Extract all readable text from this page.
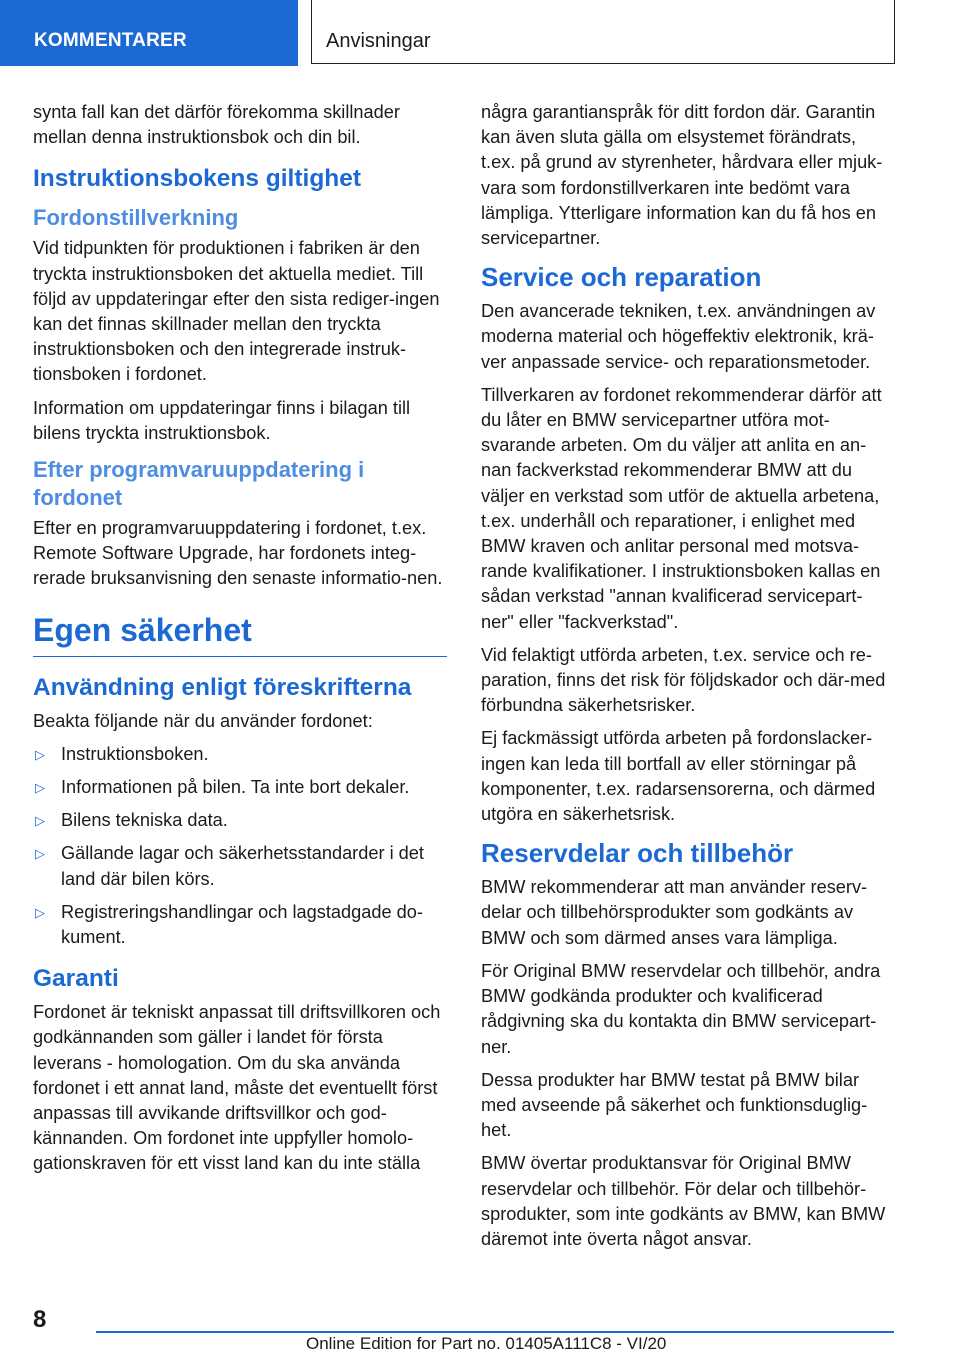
KOMMENTARER	Anvisningar

synta fall kan det därför förekomma skillnader mellan denna instruktionsbok och din bil.

Instruktionsbokens giltighet
Fordonstillverkning

Vid tidpunkten för produktionen i fabriken är den tryckta instruktionsboken det aktuella mediet. Till följd av uppdateringar efter den sista rediger-ingen kan det finnas skillnader mellan den tryckta instruktionsboken och den integrerade instruk-tionsboken i fordonet.

Information om uppdateringar finns i bilagan till bilens tryckta instruktionsbok.

Efter programvaruuppdatering i fordonet

Efter en programvaruuppdatering i fordonet, t.ex. Remote Software Upgrade, har fordonets integ-rerade bruksanvisning den senaste informatio-nen.

Egen säkerhet
Användning enligt föreskrifterna

Beakta följande när du använder fordonet:

▷ Instruktionsboken.
▷ Informationen på bilen. Ta inte bort dekaler.
▷ Bilens tekniska data.
▷ Gällande lagar och säkerhetsstandarder i det land där bilen körs.
▷ Registreringshandlingar och lagstadgade do-kument.
Garanti

Fordonet är tekniskt anpassat till driftsvillkoren och godkännanden som gäller i landet för första leverans - homologation. Om du ska använda fordonet i ett annat land, måste det eventuellt först anpassas till avvikande driftsvillkor och god-kännanden. Om fordonet inte uppfyller homolo-gationskraven för ett visst land kan du inte ställa

några garantianspråk för ditt fordon där. Garantin kan även sluta gälla om elsystemet förändrats, t.ex. på grund av styrenheter, hårdvara eller mjuk-vara som fordonstillverkaren inte bedömt vara lämpliga. Ytterligare information kan du få hos en servicepartner.

Service och reparation

Den avancerade tekniken, t.ex. användningen av moderna material och högeffektiv elektronik, krä-ver anpassade service- och reparationsmetoder.

Tillverkaren av fordonet rekommenderar därför att du låter en BMW servicepartner utföra mot-svarande arbeten. Om du väljer att anlita en an-nan fackverkstad rekommenderar BMW att du väljer en verkstad som utför de aktuella arbetena, t.ex. underhåll och reparationer, i enlighet med BMW kraven och anlitar personal med motsva-rande kvalifikationer. I instruktionsboken kallas en sådan verkstad "annan kvalificerad servicepart-ner" eller "fackverkstad".

Vid felaktigt utförda arbeten, t.ex. service och re-paration, finns det risk för följdskador och där-med förbundna säkerhetsrisker.

Ej fackmässigt utförda arbeten på fordonslacker-ingen kan leda till bortfall av eller störningar på komponenter, t.ex. radarsensorerna, och därmed utgöra en säkerhetsrisk.

Reservdelar och tillbehör

BMW rekommenderar att man använder reserv-delar och tillbehörsprodukter som godkänts av BMW och som därmed anses vara lämpliga.

För Original BMW reservdelar och tillbehör, andra BMW godkända produkter och kvalificerad rådgivning ska du kontakta din BMW servicepart-ner.

Dessa produkter har BMW testat på BMW bilar med avseende på säkerhet och funktionsduglig-het.

BMW övertar produktansvar för Original BMW reservdelar och tillbehör. För delar och tillbehör-sprodukter, som inte godkänts av BMW, kan BMW däremot inte överta något ansvar.

8
Online Edition for Part no. 01405A111C8 - VI/20
